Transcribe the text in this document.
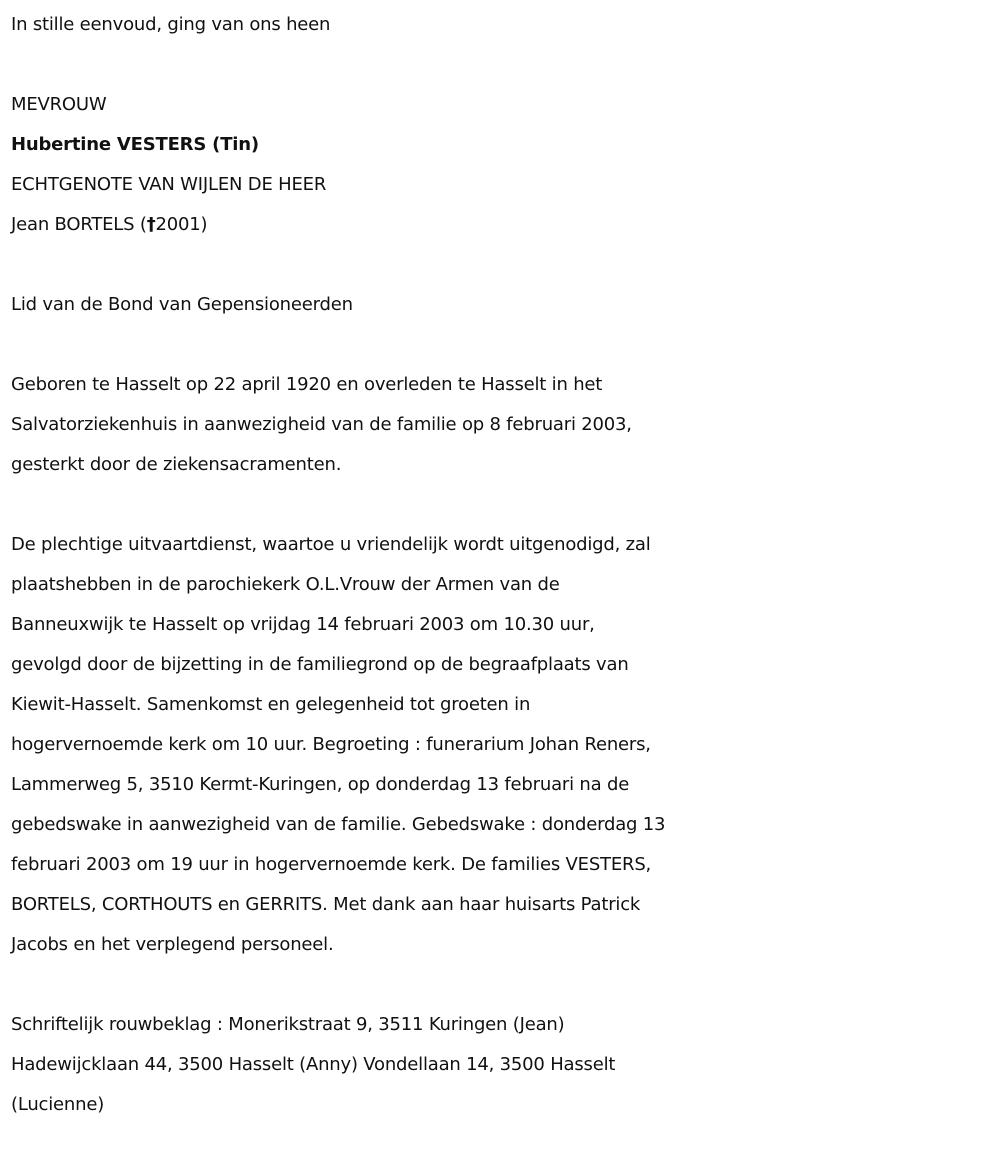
In stille eenvoud, ging van ons heen
MEVROUW
Hubertine VESTERS (Tin)
ECHTGENOTE VAN WIJLEN DE HEER
Jean BORTELS (†2001)
Lid van de Bond van Gepensioneerden
Geboren te Hasselt op 22 april 1920 en overleden te Hasselt in het
Salvatorziekenhuis in aanwezigheid van de familie op 8 februari 2003,
gesterkt door de ziekensacramenten.
De plechtige uitvaartdienst, waartoe u vriendelijk wordt uitgenodigd, zal
plaatshebben in de parochiekerk O.L.Vrouw der Armen van de
Banneuxwijk te Hasselt op vrijdag 14 februari 2003 om 10.30 uur,
gevolgd door de bijzetting in de familiegrond op de begraafplaats van
Kiewit-Hasselt. Samenkomst en gelegenheid tot groeten in
hogervernoemde kerk om 10 uur. Begroeting : funerarium Johan Reners,
Lammerweg 5, 3510 Kermt-Kuringen, op donderdag 13 februari na de
gebedswake in aanwezigheid van de familie. Gebedswake : donderdag 13
februari 2003 om 19 uur in hogervernoemde kerk. De families VESTERS,
BORTELS, CORTHOUTS en GERRITS. Met dank aan haar huisarts Patrick
Jacobs en het verplegend personeel.
Schriftelijk rouwbeklag : Monerikstraat 9, 3511 Kuringen (Jean)
Hadewijcklaan 44, 3500 Hasselt (Anny) Vondellaan 14, 3500 Hasselt
(Lucienne)
